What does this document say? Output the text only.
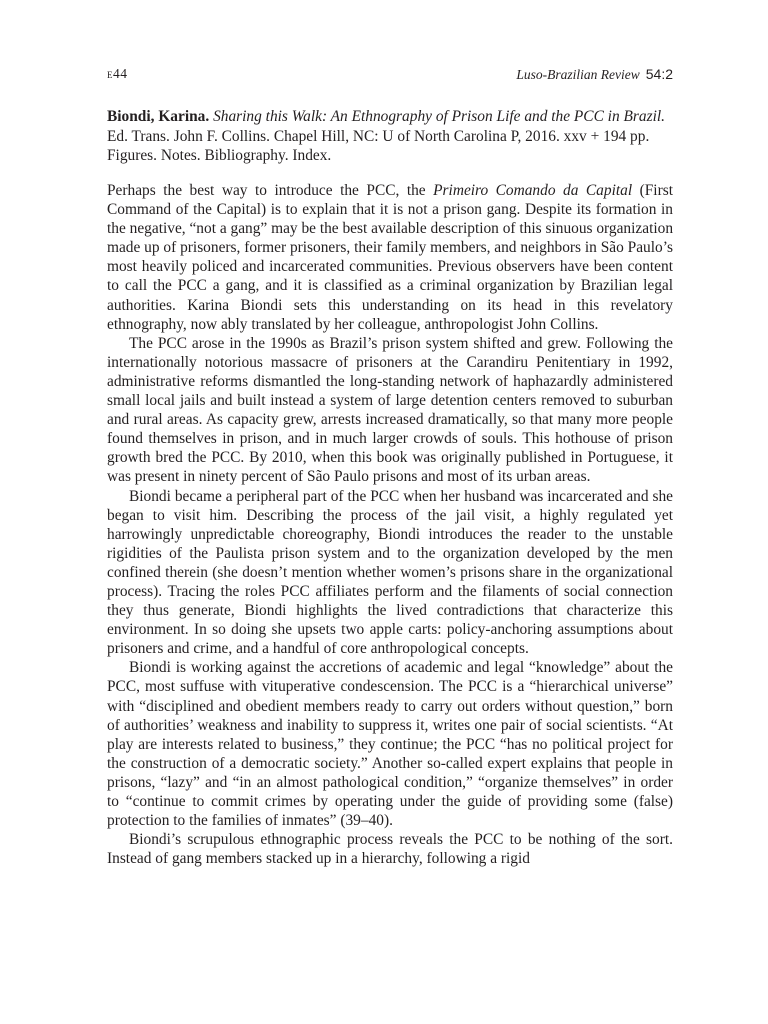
e44	Luso-Brazilian Review 54:2
Biondi, Karina. Sharing this Walk: An Ethnography of Prison Life and the PCC in Brazil. Ed. Trans. John F. Collins. Chapel Hill, NC: U of North Carolina P, 2016. xxv + 194 pp. Figures. Notes. Bibliography. Index.

Perhaps the best way to introduce the PCC, the Primeiro Comando da Capital (First Command of the Capital) is to explain that it is not a prison gang. Despite its formation in the negative, “not a gang” may be the best available description of this sinuous organization made up of prisoners, former prisoners, their family members, and neighbors in São Paulo’s most heavily policed and incarcerated communities. Previous observers have been content to call the PCC a gang, and it is classified as a criminal organization by Brazilian legal authorities. Karina Biondi sets this understanding on its head in this revelatory ethnography, now ably translated by her colleague, anthropologist John Collins.

The PCC arose in the 1990s as Brazil’s prison system shifted and grew. Following the internationally notorious massacre of prisoners at the Carandiru Penitentiary in 1992, administrative reforms dismantled the long-standing network of haphazardly administered small local jails and built instead a system of large detention centers removed to suburban and rural areas. As capacity grew, arrests increased dramatically, so that many more people found themselves in prison, and in much larger crowds of souls. This hothouse of prison growth bred the PCC. By 2010, when this book was originally published in Portuguese, it was present in ninety percent of São Paulo prisons and most of its urban areas.

Biondi became a peripheral part of the PCC when her husband was incarcerated and she began to visit him. Describing the process of the jail visit, a highly regulated yet harrowingly unpredictable choreography, Biondi introduces the reader to the unstable rigidities of the Paulista prison system and to the organization developed by the men confined therein (she doesn’t mention whether women’s prisons share in the organizational process). Tracing the roles PCC affiliates perform and the filaments of social connection they thus generate, Biondi highlights the lived contradictions that characterize this environment. In so doing she upsets two apple carts: policy-anchoring assumptions about prisoners and crime, and a handful of core anthropological concepts.

Biondi is working against the accretions of academic and legal “knowledge” about the PCC, most suffuse with vituperative condescension. The PCC is a “hierarchical universe” with “disciplined and obedient members ready to carry out orders without question,” born of authorities’ weakness and inability to suppress it, writes one pair of social scientists. “At play are interests related to business,” they continue; the PCC “has no political project for the construction of a democratic society.” Another so-called expert explains that people in prisons, “lazy” and “in an almost pathological condition,” “organize themselves” in order to “continue to commit crimes by operating under the guide of providing some (false) protection to the families of inmates” (39–40).

Biondi’s scrupulous ethnographic process reveals the PCC to be nothing of the sort. Instead of gang members stacked up in a hierarchy, following a rigid
